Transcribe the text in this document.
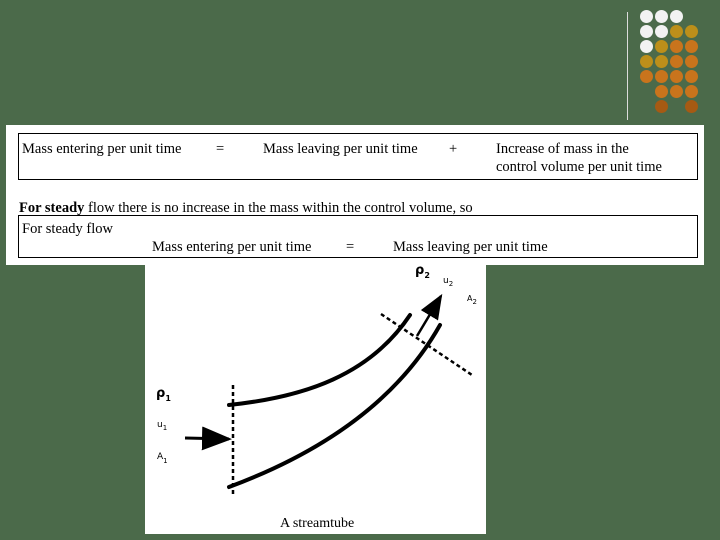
Mass entering per unit time =	Mass leaving per unit time +	Increase of mass in the
control volume per unit time
For steady flow there is no increase in the mass within the control volume, so
For steady flow
Mass entering per unit time =	Mass leaving per unit time
$\rho_1$
$u_1$
$A_1$
$\rho_2$
$u_2$
A2
A streamtube
